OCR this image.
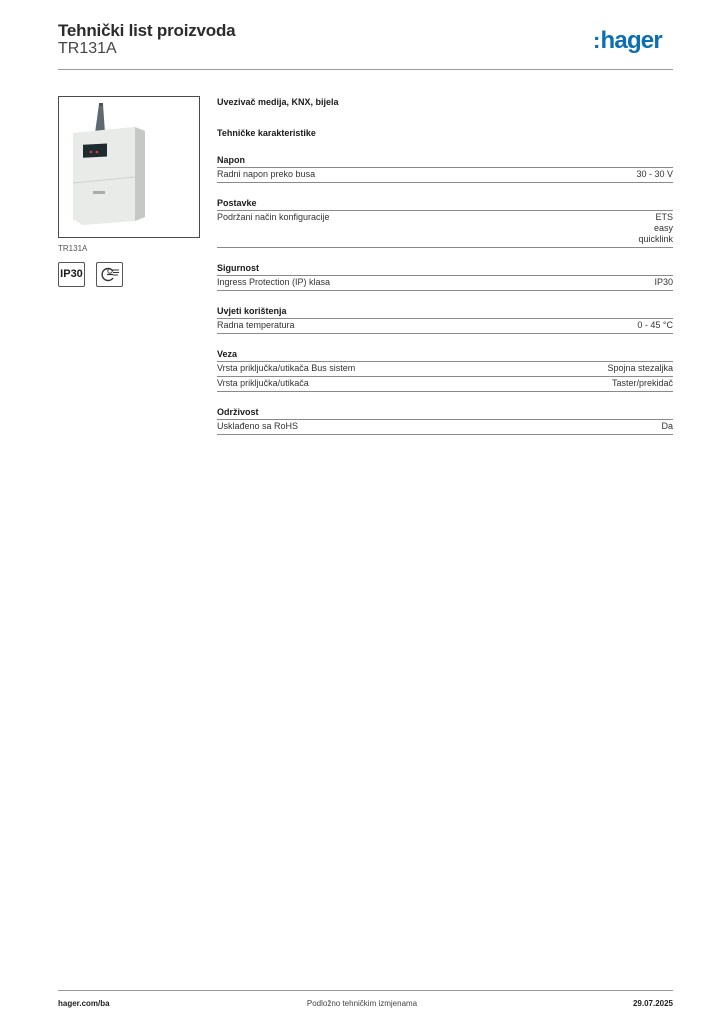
Tehnički list proizvoda
TR131A	:hager
TR131A
IP30
Uvezivač medija, KNX, bijela
Tehničke karakteristike
Napon
Radni napon preko busa	30 - 30 V
Postavke
Podržani način konfiguracije	ETS
easy
quicklink
Sigurnost
Ingress Protection (IP) klasa	IP30
Uvjeti korištenja
Radna temperatura	0 - 45 °C
Veza
Vrsta priključka/utikača Bus sistem	Spojna stezaljka
Vrsta priključka/utikača	Taster/prekidač
Održivost
Usklađeno sa RoHS	Da
hager.com/ba	Podložno tehničkim izmjenama	29.07.2025
